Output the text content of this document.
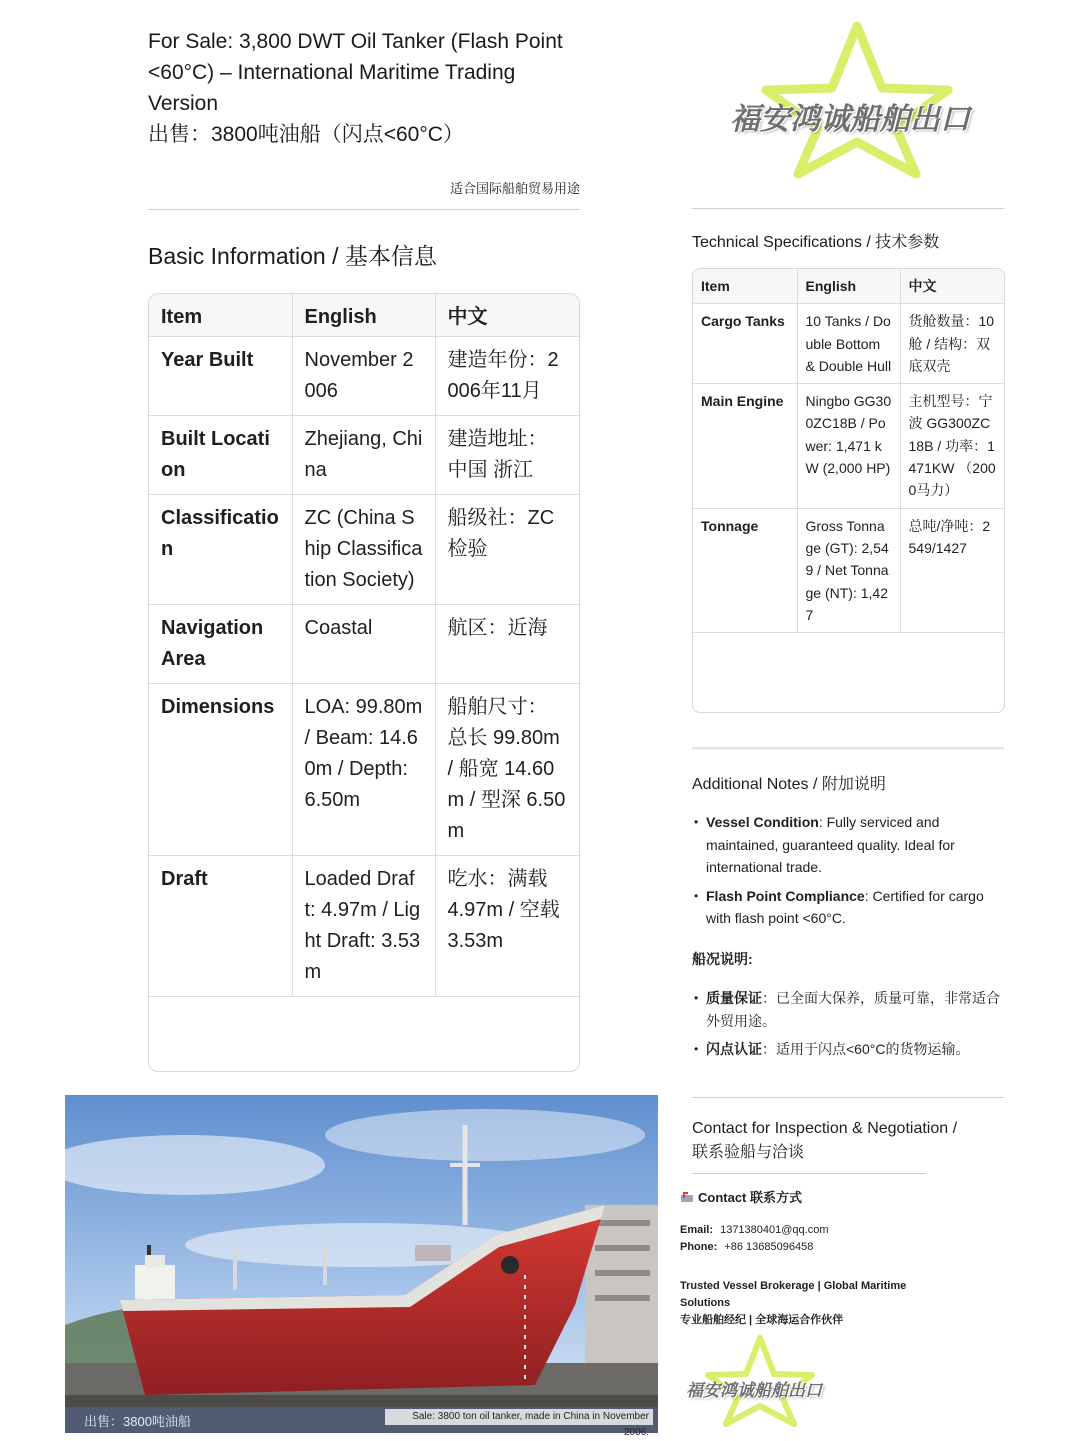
For Sale: 3,800 DWT Oil Tanker (Flash Point
<60°C) – International Maritime Trading
Version
出售：3800吨油船（闪点<60°C）
适合国际船舶贸易用途
福安鸿诚船舶出口
Basic Information / 基本信息
Item	English	中文
Year Built	November 2006	建造年份：2006年11月
Built Location	Zhejiang, China	建造地址：中国 浙江
Classification	ZC (China Ship Classification Society)	船级社：ZC 检验
Navigation Area	Coastal	航区：近海
Dimensions	LOA: 99.80m / Beam: 14.60m / Depth: 6.50m	船舶尺寸：总长 99.80m / 船宽 14.60m / 型深 6.50m
Draft	Loaded Draft: 4.97m / Light Draft: 3.53m	吃水：满载 4.97m / 空载 3.53m
Technical Specifications / 技术参数
Item	English	中文
Cargo Tanks	10 Tanks / Double Bottom & Double Hull	货舱数量：10舱 / 结构：双底双壳
Main Engine	Ningbo GG300ZC18B / Power: 1,471 kW (2,000 HP)	主机型号：宁波 GG300ZC18B / 功率：1471KW （2000马力）
Tonnage	Gross Tonnage (GT): 2,549 / Net Tonnage (NT): 1,427	总吨/净吨：2549/1427
Additional Notes / 附加说明
• Vessel Condition: Fully serviced and maintained, guaranteed quality. Ideal for international trade.
• Flash Point Compliance: Certified for cargo with flash point <60°C.
船况说明:
• 质量保证：已全面大保养，质量可靠，非常适合外贸用途。
• 闪点认证：适用于闪点<60°C的货物运输。
Contact for Inspection & Negotiation /
联系验船与洽谈
Contact 联系方式
Email: 1371380401@qq.com
Phone: +86 13685096458
Trusted Vessel Brokerage | Global Maritime Solutions
专业船舶经纪 | 全球海运合作伙伴
福安鸿诚船舶出口
出售：3800吨油船	Sale: 3800 ton oil tanker, made in China in November 2006.
